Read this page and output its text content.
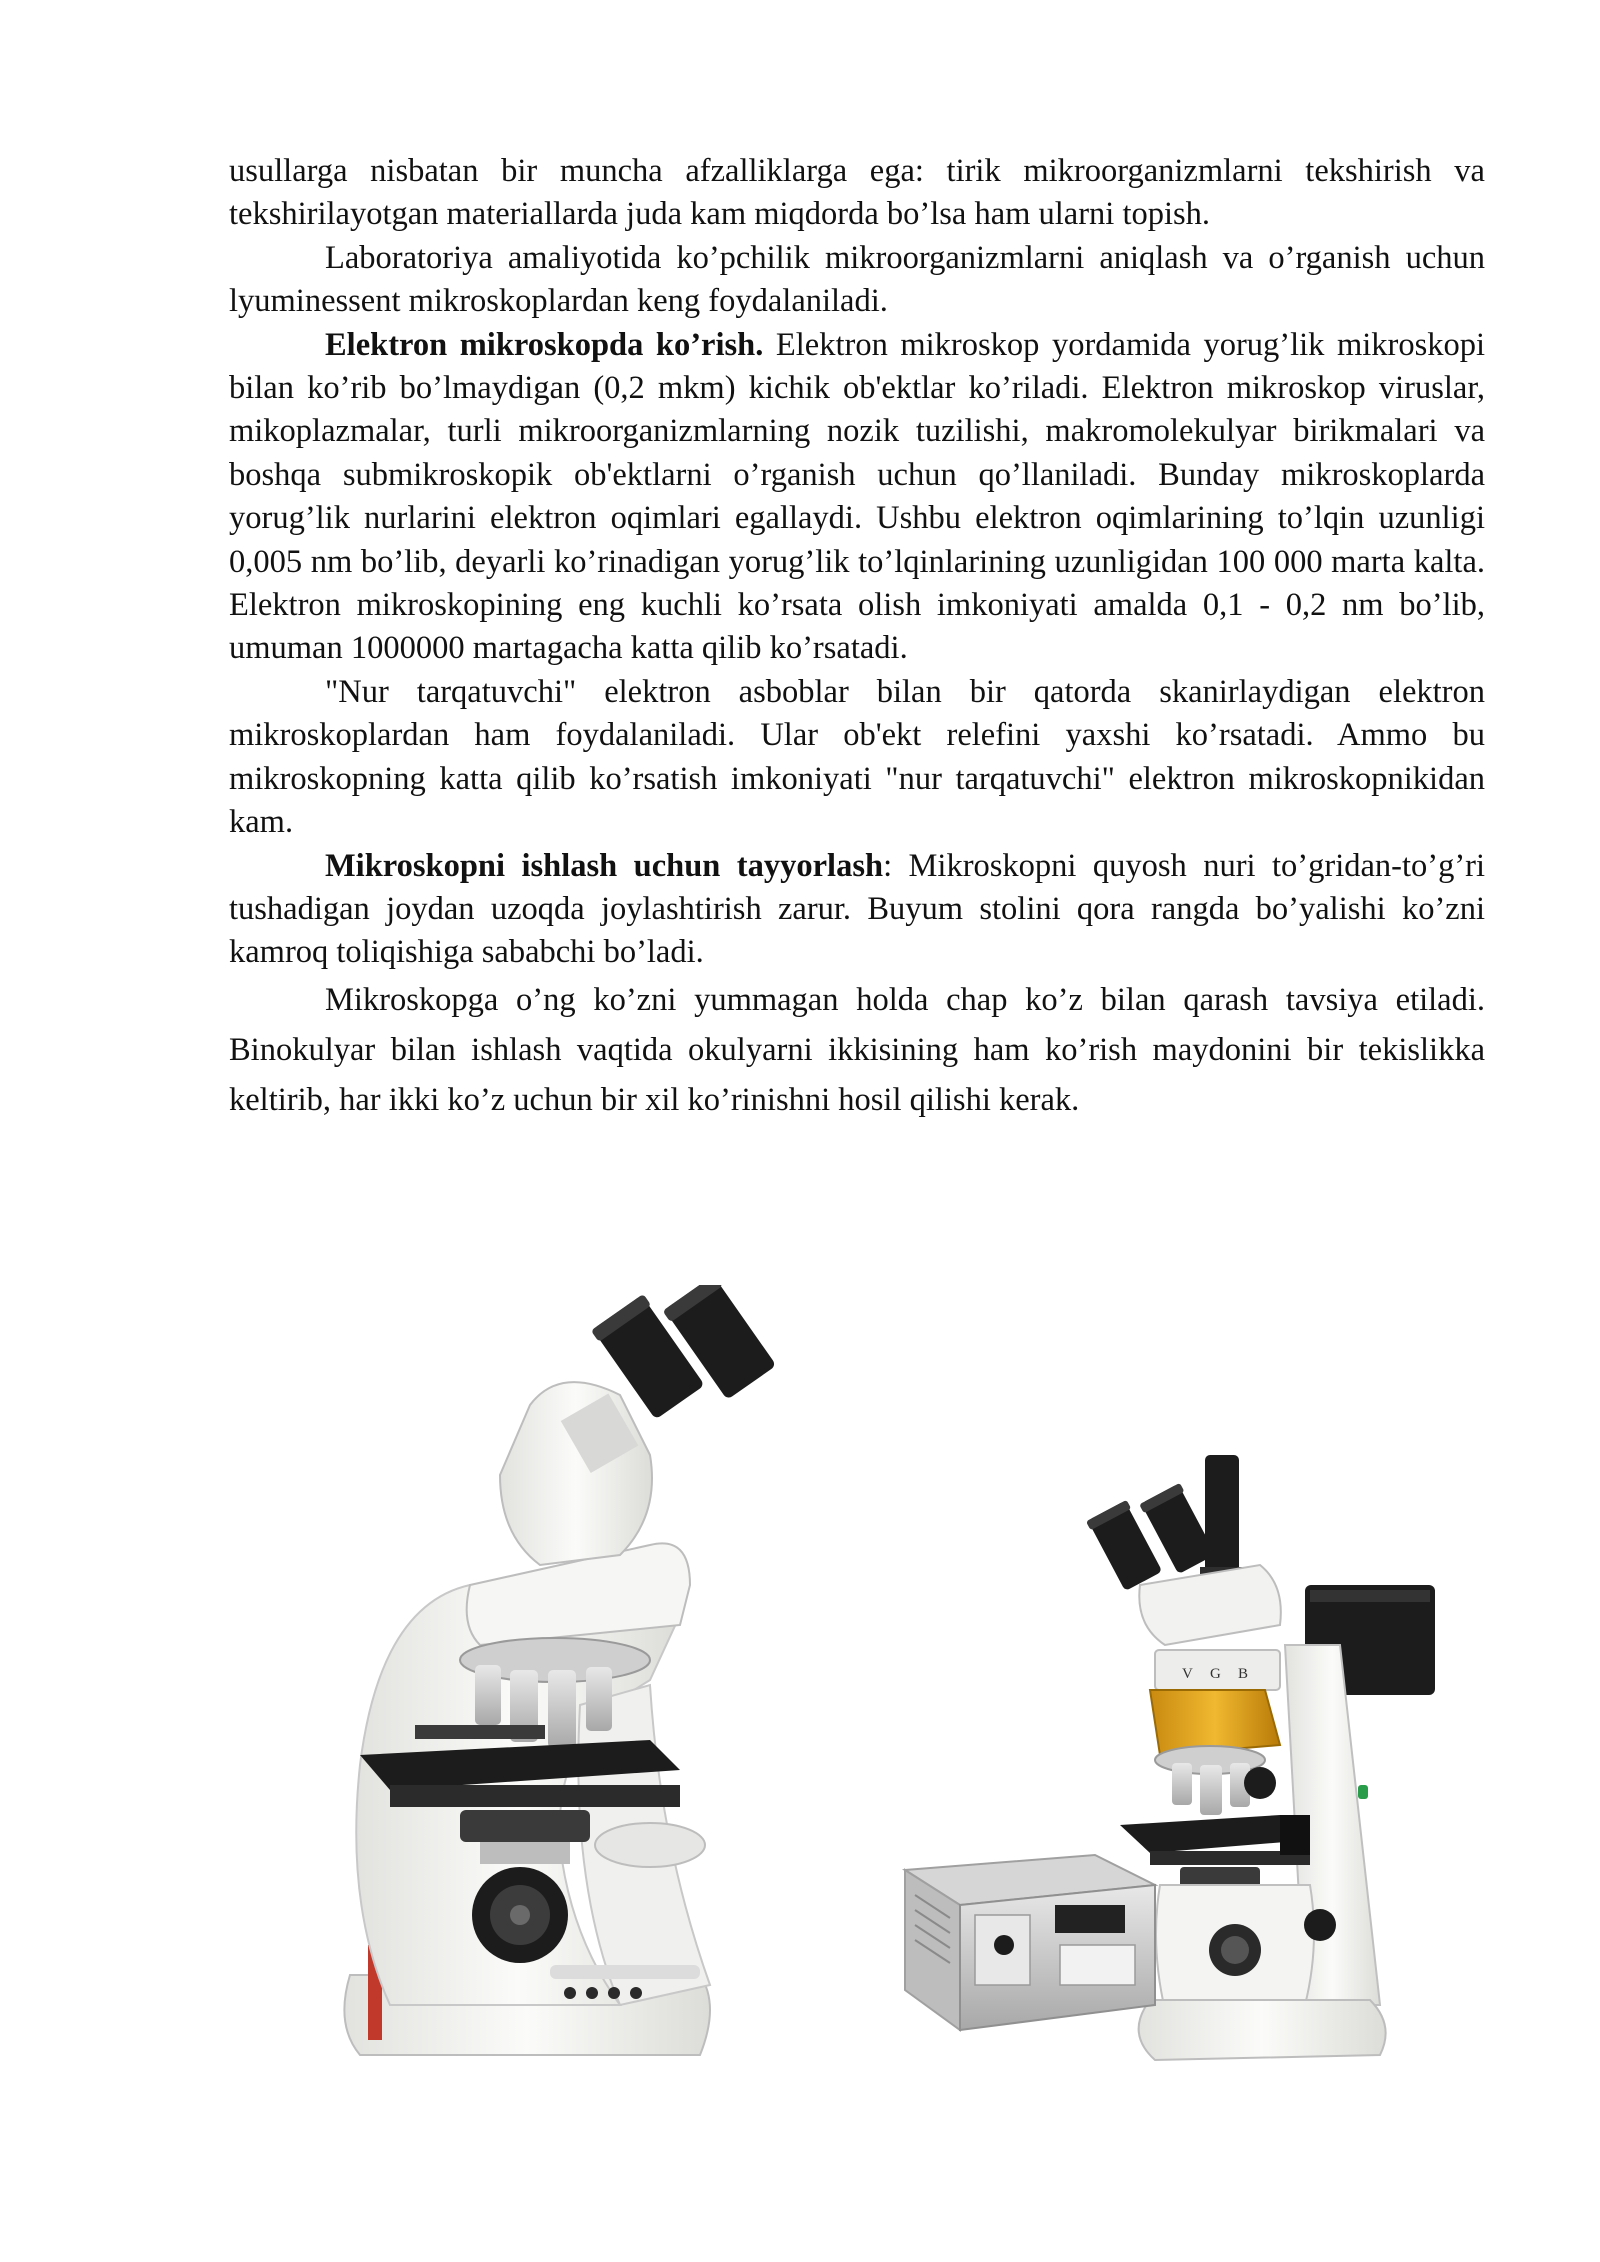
usullarga nisbatan bir muncha afzalliklarga ega: tirik mikroorganizmlarni tekshirish va tekshirilayotgan materiallarda juda kam miqdorda bo’lsa ham ularni topish.

Laboratoriya amaliyotida ko’pchilik mikroorganizmlarni aniqlash va o’rganish uchun lyuminessent mikroskoplardan keng foydalaniladi.

Elektron mikroskopda ko’rish. Elektron mikroskop yordamida yorug’lik mikroskopi bilan ko’rib bo’lmaydigan (0,2 mkm) kichik ob'ektlar ko’riladi. Elektron mikroskop viruslar, mikoplazmalar, turli mikroorganizmlarning nozik tuzilishi, makromolekulyar birikmalari va boshqa submikroskopik ob'ektlarni o’rganish uchun qo’llaniladi. Bunday mikroskoplarda yorug’lik nurlarini elektron oqimlari egallaydi. Ushbu elektron oqimlarining to’lqin uzunligi 0,005 nm bo’lib, deyarli ko’rinadigan yorug’lik to’lqinlarining uzunligidan 100 000 marta kalta. Elektron mikroskopining eng kuchli ko’rsata olish imkoniyati amalda 0,1 - 0,2 nm bo’lib, umuman 1000000 martagacha katta qilib ko’rsatadi.

"Nur tarqatuvchi" elektron asboblar bilan bir qatorda skanirlaydigan elektron mikroskoplardan ham foydalaniladi. Ular ob'ekt relefini yaxshi ko’rsatadi. Ammo bu mikroskopning katta qilib ko’rsatish imkoniyati "nur tarqatuvchi" elektron mikroskopnikidan kam.

Mikroskopni ishlash uchun tayyorlash: Mikroskopni quyosh nuri to’gridan-to’g’ri tushadigan joydan uzoqda joylashtirish zarur. Buyum stolini qora rangda bo’yalishi ko’zni kamroq toliqishiga sababchi bo’ladi.

Mikroskopga o’ng ko’zni yummagan holda chap ko’z bilan qarash tavsiya etiladi. Binokulyar bilan ishlash vaqtida okulyarni ikkisining ham ko’rish maydonini bir tekislikka keltirib, har ikki ko’z uchun bir xil ko’rinishni hosil qilishi kerak.

V G B
